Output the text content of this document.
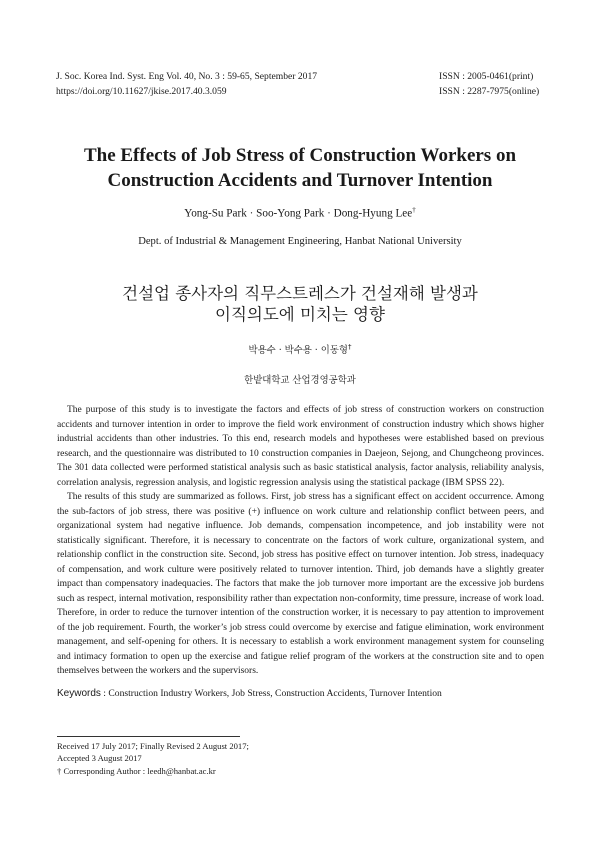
J. Soc. Korea Ind. Syst. Eng Vol. 40, No. 3 : 59-65, September 2017
https://doi.org/10.11627/jkise.2017.40.3.059
ISSN : 2005-0461(print)
ISSN : 2287-7975(online)
The Effects of Job Stress of Construction Workers on
Construction Accidents and Turnover Intention
Yong-Su Park · Soo-Yong Park · Dong-Hyung Lee†
Dept. of Industrial & Management Engineering, Hanbat National University
건설업 종사자의 직무스트레스가 건설재해 발생과
이직의도에 미치는 영향
박용수 · 박수용 · 이동형†
한밭대학교 산업경영공학과

The purpose of this study is to investigate the factors and effects of job stress of construction workers on construction accidents and turnover intention in order to improve the field work environment of construction industry which shows higher industrial accidents than other industries. To this end, research models and hypotheses were established based on previous research, and the questionnaire was distributed to 10 construction companies in Daejeon, Sejong, and Chungcheong provinces. The 301 data collected were performed statistical analysis such as basic statistical analysis, factor analysis, reliability analysis, correlation analysis, regression analysis, and logistic regression analysis using the statistical package (IBM SPSS 22).

The results of this study are summarized as follows. First, job stress has a significant effect on accident occurrence. Among the sub-factors of job stress, there was positive (+) influence on work culture and relationship conflict between peers, and organizational system had negative influence. Job demands, compensation incompetence, and job instability were not statistically significant. Therefore, it is necessary to concentrate on the factors of work culture, organizational system, and relationship conflict in the construction site. Second, job stress has positive effect on turnover intention. Job stress, inadequacy of compensation, and work culture were positively related to turnover intention. Third, job demands have a slightly greater impact than compensatory inadequacies. The factors that make the job turnover more important are the excessive job burdens such as respect, internal motivation, responsibility rather than expectation non-conformity, time pressure, increase of work load. Therefore, in order to reduce the turnover intention of the construction worker, it is necessary to pay attention to improvement of the job requirement. Fourth, the worker’s job stress could overcome by exercise and fatigue elimination, work environment management, and self-opening for others. It is necessary to establish a work environment management system for counseling and intimacy formation to open up the exercise and fatigue relief program of the workers at the construction site and to open themselves between the workers and the supervisors.

Keywords : Construction Industry Workers, Job Stress, Construction Accidents, Turnover Intention
Received 17 July 2017; Finally Revised 2 August 2017;
Accepted 3 August 2017
† Corresponding Author : leedh@hanbat.ac.kr
